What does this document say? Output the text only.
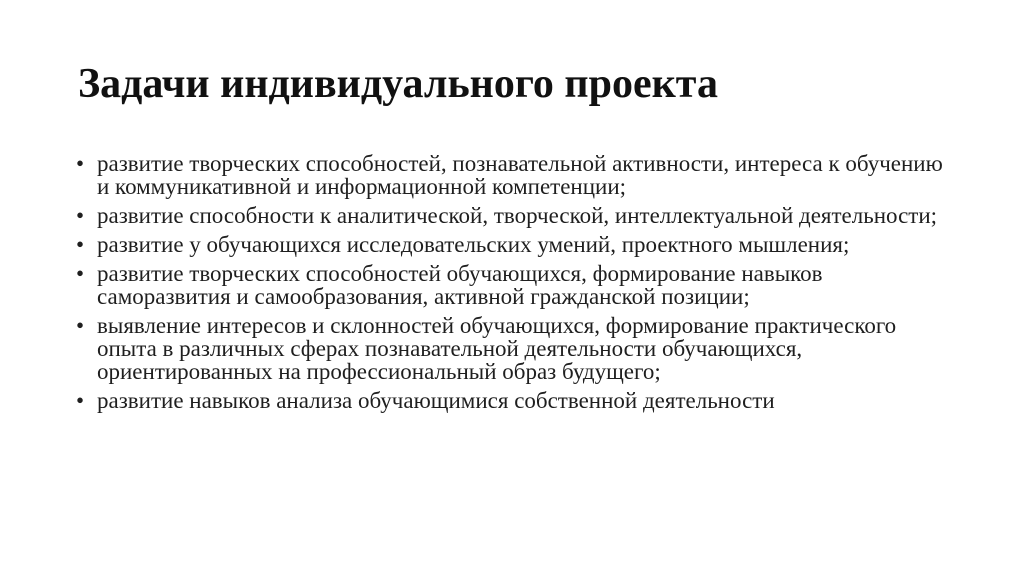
Задачи индивидуального проекта
• развитие творческих способностей, познавательной активности, интереса к обучению и коммуникативной и информационной компетенции;
• развитие способности к аналитической, творческой, интеллектуальной деятельности;
• развитие у обучающихся исследовательских умений, проектного мышления;
• развитие творческих способностей обучающихся, формирование навыков саморазвития и самообразования, активной гражданской позиции;
• выявление интересов и склонностей обучающихся, формирование практического опыта в различных сферах познавательной деятельности обучающихся, ориентированных на профессиональный образ будущего;
• развитие навыков анализа обучающимися собственной деятельности
